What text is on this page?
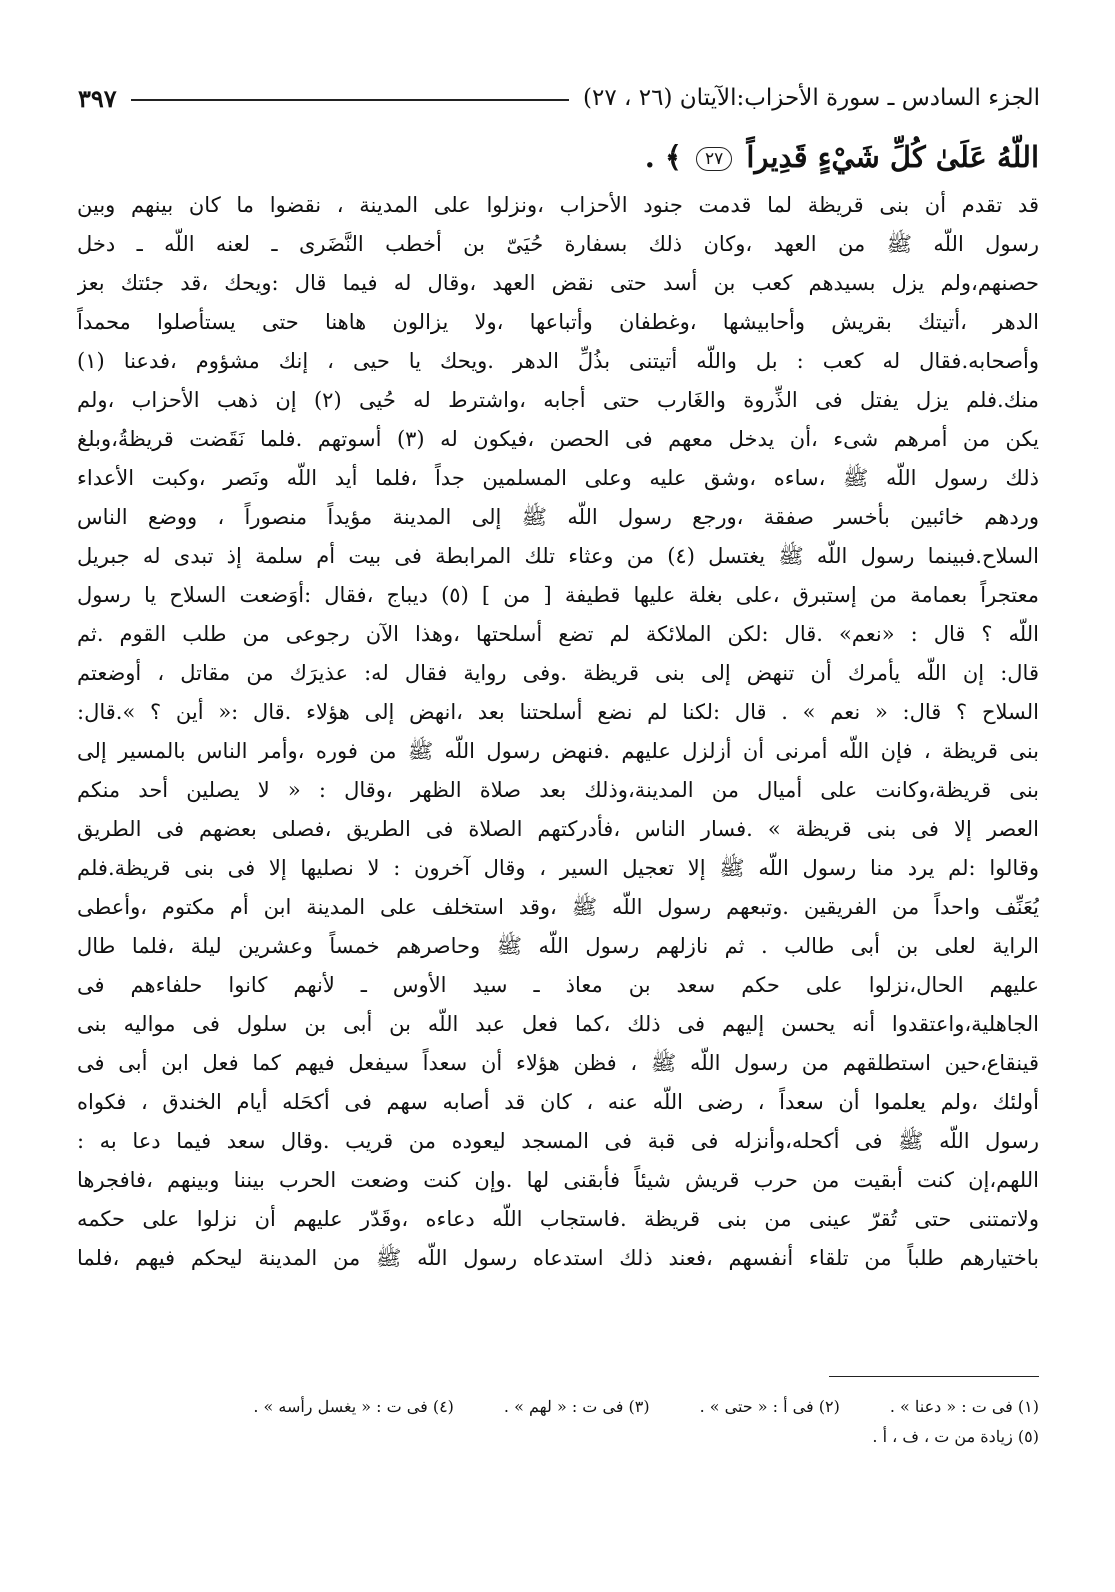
الجزء السادس ـ سورة الأحزاب:الآيتان (٢٦ ، ٢٧)
٣٩٧
اللّهُ عَلَىٰ كُلِّ شَيْءٍ قَدِيراً ٢٧ ﴾ .
قد تقدم أن بنى قريظة لما قدمت جنود الأحزاب ،ونزلوا على المدينة ، نقضوا ما كان بينهم وبين
رسول اللّه ﷺ من العهد ،وكان ذلك بسفارة حُيَىّ بن أخطب النَّضَرى ـ لعنه اللّه ـ دخل
حصنهم،ولم يزل بسيدهم كعب بن أسد حتى نقض العهد ،وقال له فيما قال :ويحك ،قد جئتك بعز
الدهر ،أتيتك بقريش وأحابيشها ،وغطفان وأتباعها ،ولا يزالون هاهنا حتى يستأصلوا محمداً
وأصحابه.فقال له كعب : بل واللّه أتيتنى بذُلِّ الدهر .ويحك يا حيى ، إنك مشؤوم ،فدعنا (١)
منك.فلم يزل يفتل فى الذِّروة والغَارب حتى أجابه ،واشترط له حُيى (٢) إن ذهب الأحزاب ،ولم
يكن من أمرهم شىء ،أن يدخل معهم فى الحصن ،فيكون له (٣) أسوتهم .فلما نَقَضت قريظةُ،وبلغ
ذلك رسول اللّه ﷺ ،ساءه ،وشق عليه وعلى المسلمين جداً ،فلما أيد اللّه ونَصر ،وكبت الأعداء
وردهم خائبين بأخسر صفقة ،ورجع رسول اللّه ﷺ إلى المدينة مؤيداً منصوراً ، ووضع الناس
السلاح.فبينما رسول اللّه ﷺ يغتسل (٤) من وعثاء تلك المرابطة فى بيت أم سلمة إذ تبدى له جبريل
معتجراً بعمامة من إستبرق ،على بغلة عليها قطيفة [ من ] (٥) ديباج ،فقال :أوَضعت السلاح يا رسول
اللّه ؟ قال : «نعم» .قال :لكن الملائكة لم تضع أسلحتها ،وهذا الآن رجوعى من طلب القوم .ثم
قال: إن اللّه يأمرك أن تنهض إلى بنى قريظة .وفى رواية فقال له: عذيرَك من مقاتل ، أوضعتم
السلاح ؟ قال: « نعم » . قال :لكنا لم نضع أسلحتنا بعد ،انهض إلى هؤلاء .قال :« أين ؟ ».قال:
بنى قريظة ، فإن اللّه أمرنى أن أزلزل عليهم .فنهض رسول اللّه ﷺ من فوره ،وأمر الناس بالمسير إلى
بنى قريظة،وكانت على أميال من المدينة،وذلك بعد صلاة الظهر ،وقال : « لا يصلين أحد منكم
العصر إلا فى بنى قريظة » .فسار الناس ،فأدركتهم الصلاة فى الطريق ،فصلى بعضهم فى الطريق
وقالوا :لم يرد منا رسول اللّه ﷺ إلا تعجيل السير ، وقال آخرون : لا نصليها إلا فى بنى قريظة.فلم
يُعَنِّف واحداً من الفريقين .وتبعهم رسول اللّه ﷺ ،وقد استخلف على المدينة ابن أم مكتوم ،وأعطى
الراية لعلى بن أبى طالب . ثم نازلهم رسول اللّه ﷺ وحاصرهم خمساً وعشرين ليلة ،فلما طال
عليهم الحال،نزلوا على حكم سعد بن معاذ ـ سيد الأوس ـ لأنهم كانوا حلفاءهم فى
الجاهلية،واعتقدوا أنه يحسن إليهم فى ذلك ،كما فعل عبد اللّه بن أبى بن سلول فى مواليه بنى
قينقاع،حين استطلقهم من رسول اللّه ﷺ ، فظن هؤلاء أن سعداً سيفعل فيهم كما فعل ابن أبى فى
أولئك ،ولم يعلموا أن سعداً ، رضى اللّه عنه ، كان قد أصابه سهم فى أكحَله أيام الخندق ، فكواه
رسول اللّه ﷺ فى أكحله،وأنزله فى قبة فى المسجد ليعوده من قريب .وقال سعد فيما دعا به :
اللهم،إن كنت أبقيت من حرب قريش شيئاً فأبقنى لها .وإن كنت وضعت الحرب بيننا وبينهم ،فافجرها
ولاتمتنى حتى تُقرّ عينى من بنى قريظة .فاستجاب اللّه دعاءه ،وقَدّر عليهم أن نزلوا على حكمه
باختيارهم طلباً من تلقاء أنفسهم ،فعند ذلك استدعاه رسول اللّه ﷺ من المدينة ليحكم فيهم ،فلما
(١) فى ت : « دعنا » .
(٢) فى أ : « حتى » .
(٣) فى ت : « لهم » .
(٤) فى ت : « يغسل رأسه » .
(٥) زيادة من ت ، ف ، أ .
